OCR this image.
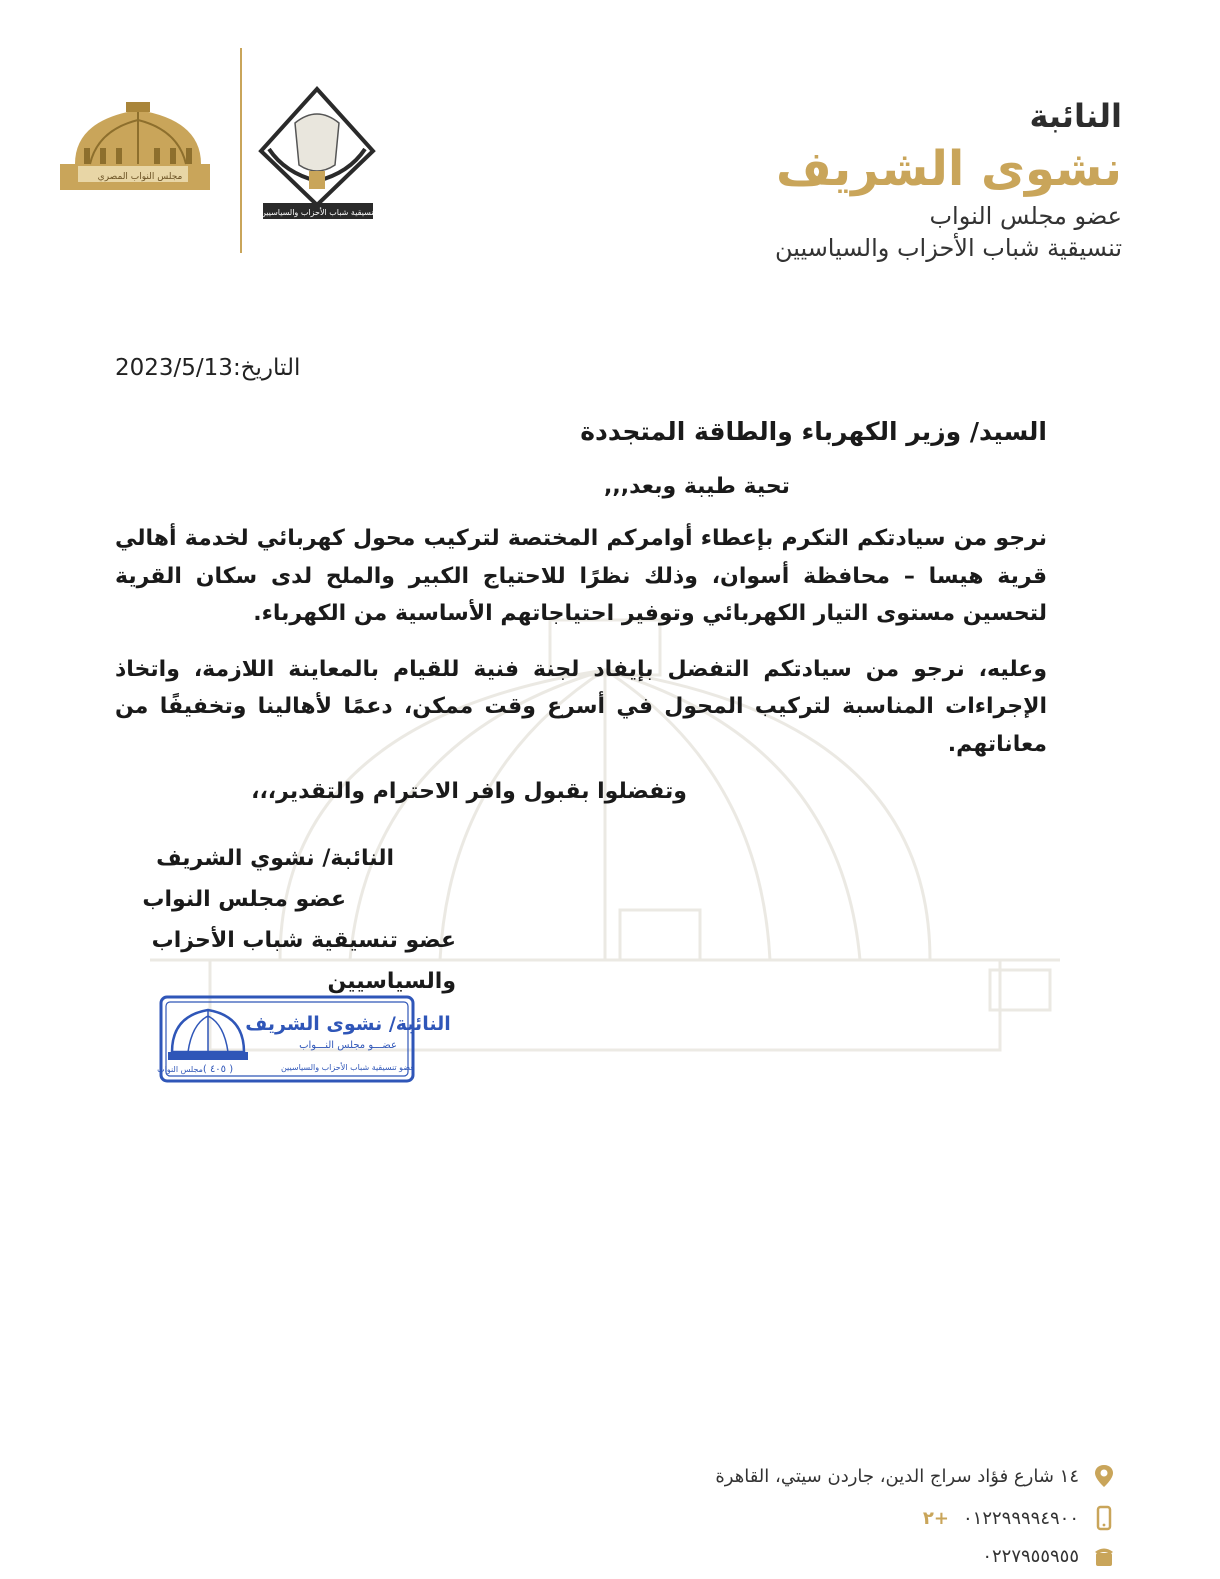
مجلس النواب المصري
تنسيقية شباب الأحزاب والسياسيين
النائبة
نشوى الشريف
عضو مجلس النواب
تنسيقية شباب الأحزاب والسياسيين
التاريخ:2023/5/13
السيد/ وزير الكهرباء والطاقة المتجددة
تحية طيبة وبعد,,,
نرجو من سيادتكم التكرم بإعطاء أوامركم المختصة لتركيب محول كهربائي لخدمة أهالي قرية هيسا – محافظة أسوان، وذلك نظرًا للاحتياج الكبير والملح لدى سكان القرية لتحسين مستوى التيار الكهربائي وتوفير احتياجاتهم الأساسية من الكهرباء.
وعليه، نرجو من سيادتكم التفضل بإيفاد لجنة فنية للقيام بالمعاينة اللازمة، واتخاذ الإجراءات المناسبة لتركيب المحول في أسرع وقت ممكن، دعمًا لأهالينا وتخفيفًا من معاناتهم.
وتفضلوا بقبول وافر الاحترام والتقدير،،،
النائبة/ نشوي الشريف
عضو مجلس النواب
عضو تنسيقية شباب الأحزاب والسياسيين
النائبة/ نشوى الشريف
عضـــو مجلس النـــواب
( ٤٠٥ )
مجلس النواب	عضو تنسيقية شباب الأحزاب والسياسيين
١٤ شارع فؤاد سراج الدين، جاردن سيتي، القاهرة
٠١٢٢٩٩٩٩٤٩٠٠
+٢
٠٢٢٧٩٥٥٩٥٥
